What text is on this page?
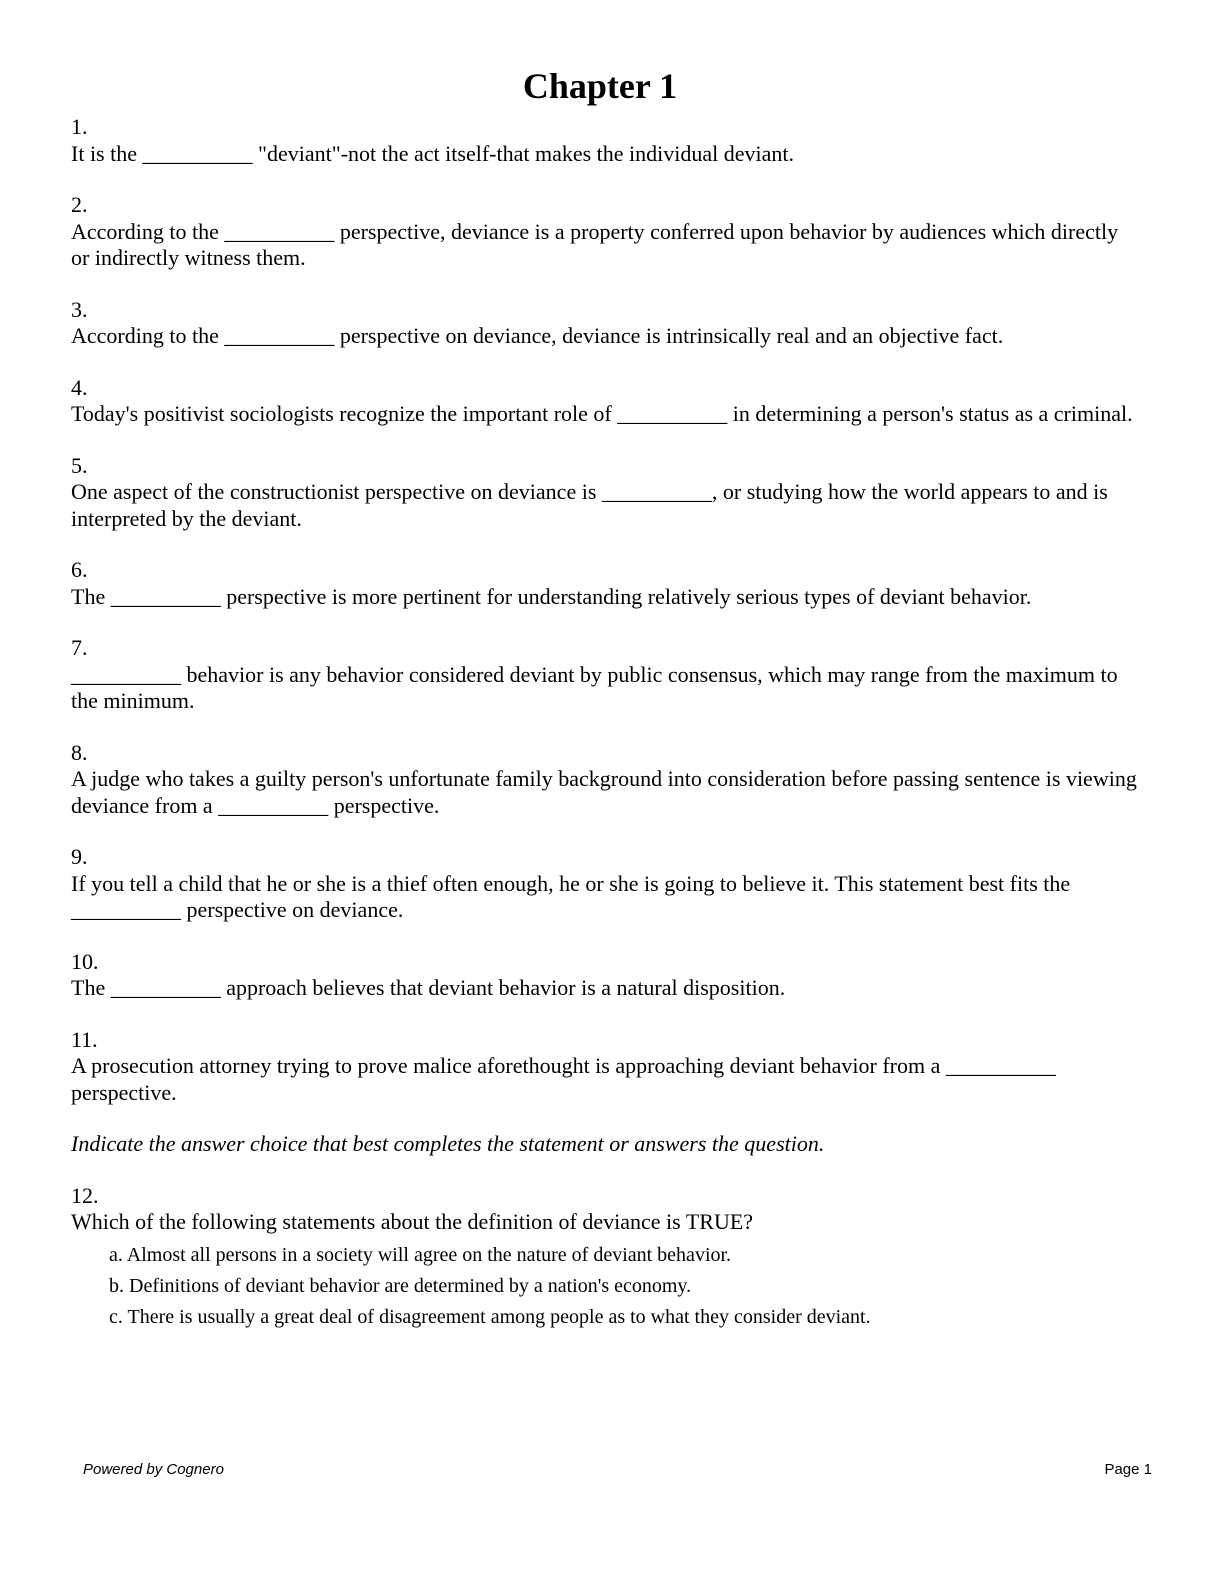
Chapter 1
1.
It is the __________ "deviant"-not the act itself-that makes the individual deviant.
2.
According to the __________ perspective, deviance is a property conferred upon behavior by audiences which directly or indirectly witness them.
3.
According to the __________ perspective on deviance, deviance is intrinsically real and an objective fact.
4.
Today's positivist sociologists recognize the important role of __________ in determining a person's status as a criminal.
5.
One aspect of the constructionist perspective on deviance is __________, or studying how the world appears to and is interpreted by the deviant.
6.
The __________ perspective is more pertinent for understanding relatively serious types of deviant behavior.
7.
__________ behavior is any behavior considered deviant by public consensus, which may range from the maximum to the minimum.
8.
A judge who takes a guilty person's unfortunate family background into consideration before passing sentence is viewing deviance from a __________ perspective.
9.
If you tell a child that he or she is a thief often enough, he or she is going to believe it. This statement best fits the __________ perspective on deviance.
10.
The __________ approach believes that deviant behavior is a natural disposition.
11.
A prosecution attorney trying to prove malice aforethought is approaching deviant behavior from a __________ perspective.
Indicate the answer choice that best completes the statement or answers the question.
12.
Which of the following statements about the definition of deviance is TRUE?
a. Almost all persons in a society will agree on the nature of deviant behavior.
b. Definitions of deviant behavior are determined by a nation's economy.
c. There is usually a great deal of disagreement among people as to what they consider deviant.
Powered by Cognero	Page 1
